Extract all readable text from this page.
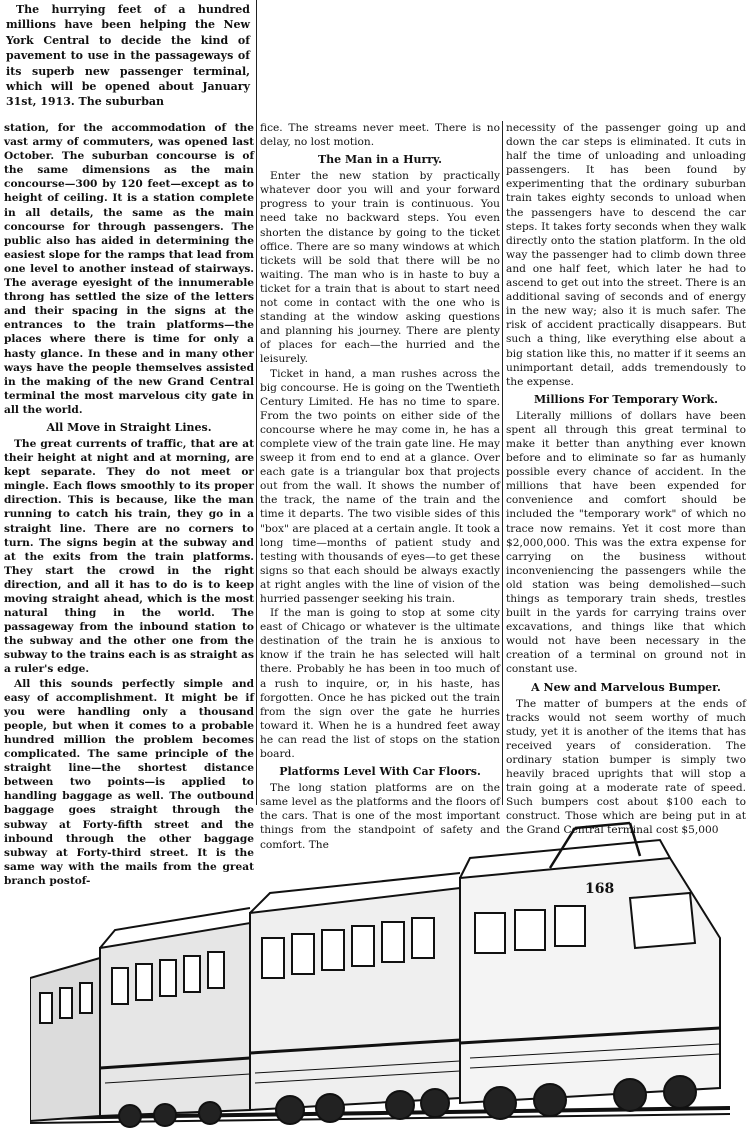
The hurrying feet of a hundred millions have been helping the New York Central to decide the kind of pavement to use in the passageways of its superb new passenger terminal, which will be opened about January 31st, 1913. The suburban

station, for the accommodation of the vast army of commuters, was opened last October. The suburban concourse is of the same dimensions as the main concourse—300 by 120 feet—except as to height of ceiling. It is a station complete in all details, the same as the main concourse for through passengers. The public also has aided in determining the easiest slope for the ramps that lead from one level to another instead of stairways. The average eyesight of the innumerable throng has settled the size of the letters and their spacing in the signs at the entrances to the train platforms—the places where there is time for only a hasty glance. In these and in many other ways have the people themselves assisted in the making of the new Grand Central terminal the most marvelous city gate in all the world.

All Move in Straight Lines.

The great currents of traffic, that are at their height at night and at morning, are kept separate. They do not meet or mingle. Each flows smoothly to its proper direction. This is because, like the man running to catch his train, they go in a straight line. There are no corners to turn. The signs begin at the subway and at the exits from the train platforms. They start the crowd in the right direction, and all it has to do is to keep moving straight ahead, which is the most natural thing in the world. The passageway from the inbound station to the subway and the other one from the subway to the trains each is as straight as a ruler's edge.

All this sounds perfectly simple and easy of accomplishment. It might be if you were handling only a thousand people, but when it comes to a probable hundred million the problem becomes complicated. The same principle of the straight line—the shortest distance between two points—is applied to handling baggage as well. The outbound baggage goes straight through the subway at Forty-fifth street and the inbound through the other baggage subway at Forty-third street. It is the same way with the mails from the great branch postof-

fice. The streams never meet. There is no delay, no lost motion.

The Man in a Hurry.

Enter the new station by practically whatever door you will and your forward progress to your train is continuous. You need take no backward steps. You even shorten the distance by going to the ticket office. There are so many windows at which tickets will be sold that there will be no waiting. The man who is in haste to buy a ticket for a train that is about to start need not come in contact with the one who is standing at the window asking questions and planning his journey. There are plenty of places for each—the hurried and the leisurely.

Ticket in hand, a man rushes across the big concourse. He is going on the Twentieth Century Limited. He has no time to spare. From the two points on either side of the concourse where he may come in, he has a complete view of the train gate line. He may sweep it from end to end at a glance. Over each gate is a triangular box that projects out from the wall. It shows the number of the track, the name of the train and the time it departs. The two visible sides of this "box" are placed at a certain angle. It took a long time—months of patient study and testing with thousands of eyes—to get these signs so that each should be always exactly at right angles with the line of vision of the hurried passenger seeking his train.

If the man is going to stop at some city east of Chicago or whatever is the ultimate destination of the train he is anxious to know if the train he has selected will halt there. Probably he has been in too much of a rush to inquire, or, in his haste, has forgotten. Once he has picked out the train from the sign over the gate he hurries toward it. When he is a hundred feet away he can read the list of stops on the station board.

Platforms Level With Car Floors.

The long station platforms are on the same level as the platforms and the floors of the cars. That is one of the most important things from the standpoint of safety and comfort. The

necessity of the passenger going up and down the car steps is eliminated. It cuts in half the time of unloading and unloading passengers. It has been found by experimenting that the ordinary suburban train takes eighty seconds to unload when the passengers have to descend the car steps. It takes forty seconds when they walk directly onto the station platform. In the old way the passenger had to climb down three and one half feet, which later he had to ascend to get out into the street. There is an additional saving of seconds and of energy in the new way; also it is much safer. The risk of accident practically disappears. But such a thing, like everything else about a big station like this, no matter if it seems an unimportant detail, adds tremendously to the expense.

Millions For Temporary Work.

Literally millions of dollars have been spent all through this great terminal to make it better than anything ever known before and to eliminate so far as humanly possible every chance of accident. In the millions that have been expended for convenience and comfort should be included the "temporary work" of which no trace now remains. Yet it cost more than $2,000,000. This was the extra expense for carrying on the business without inconveniencing the passengers while the old station was being demolished—such things as temporary train sheds, trestles built in the yards for carrying trains over excavations, and things like that which would not have been necessary in the creation of a terminal on ground not in constant use.

A New and Marvelous Bumper.

The matter of bumpers at the ends of tracks would not seem worthy of much study, yet it is another of the items that has received years of consideration. The ordinary station bumper is simply two heavily braced uprights that will stop a train going at a moderate rate of speed. Such bumpers cost about $100 each to construct. Those which are being put in at the Grand Central terminal cost $5,000

168
